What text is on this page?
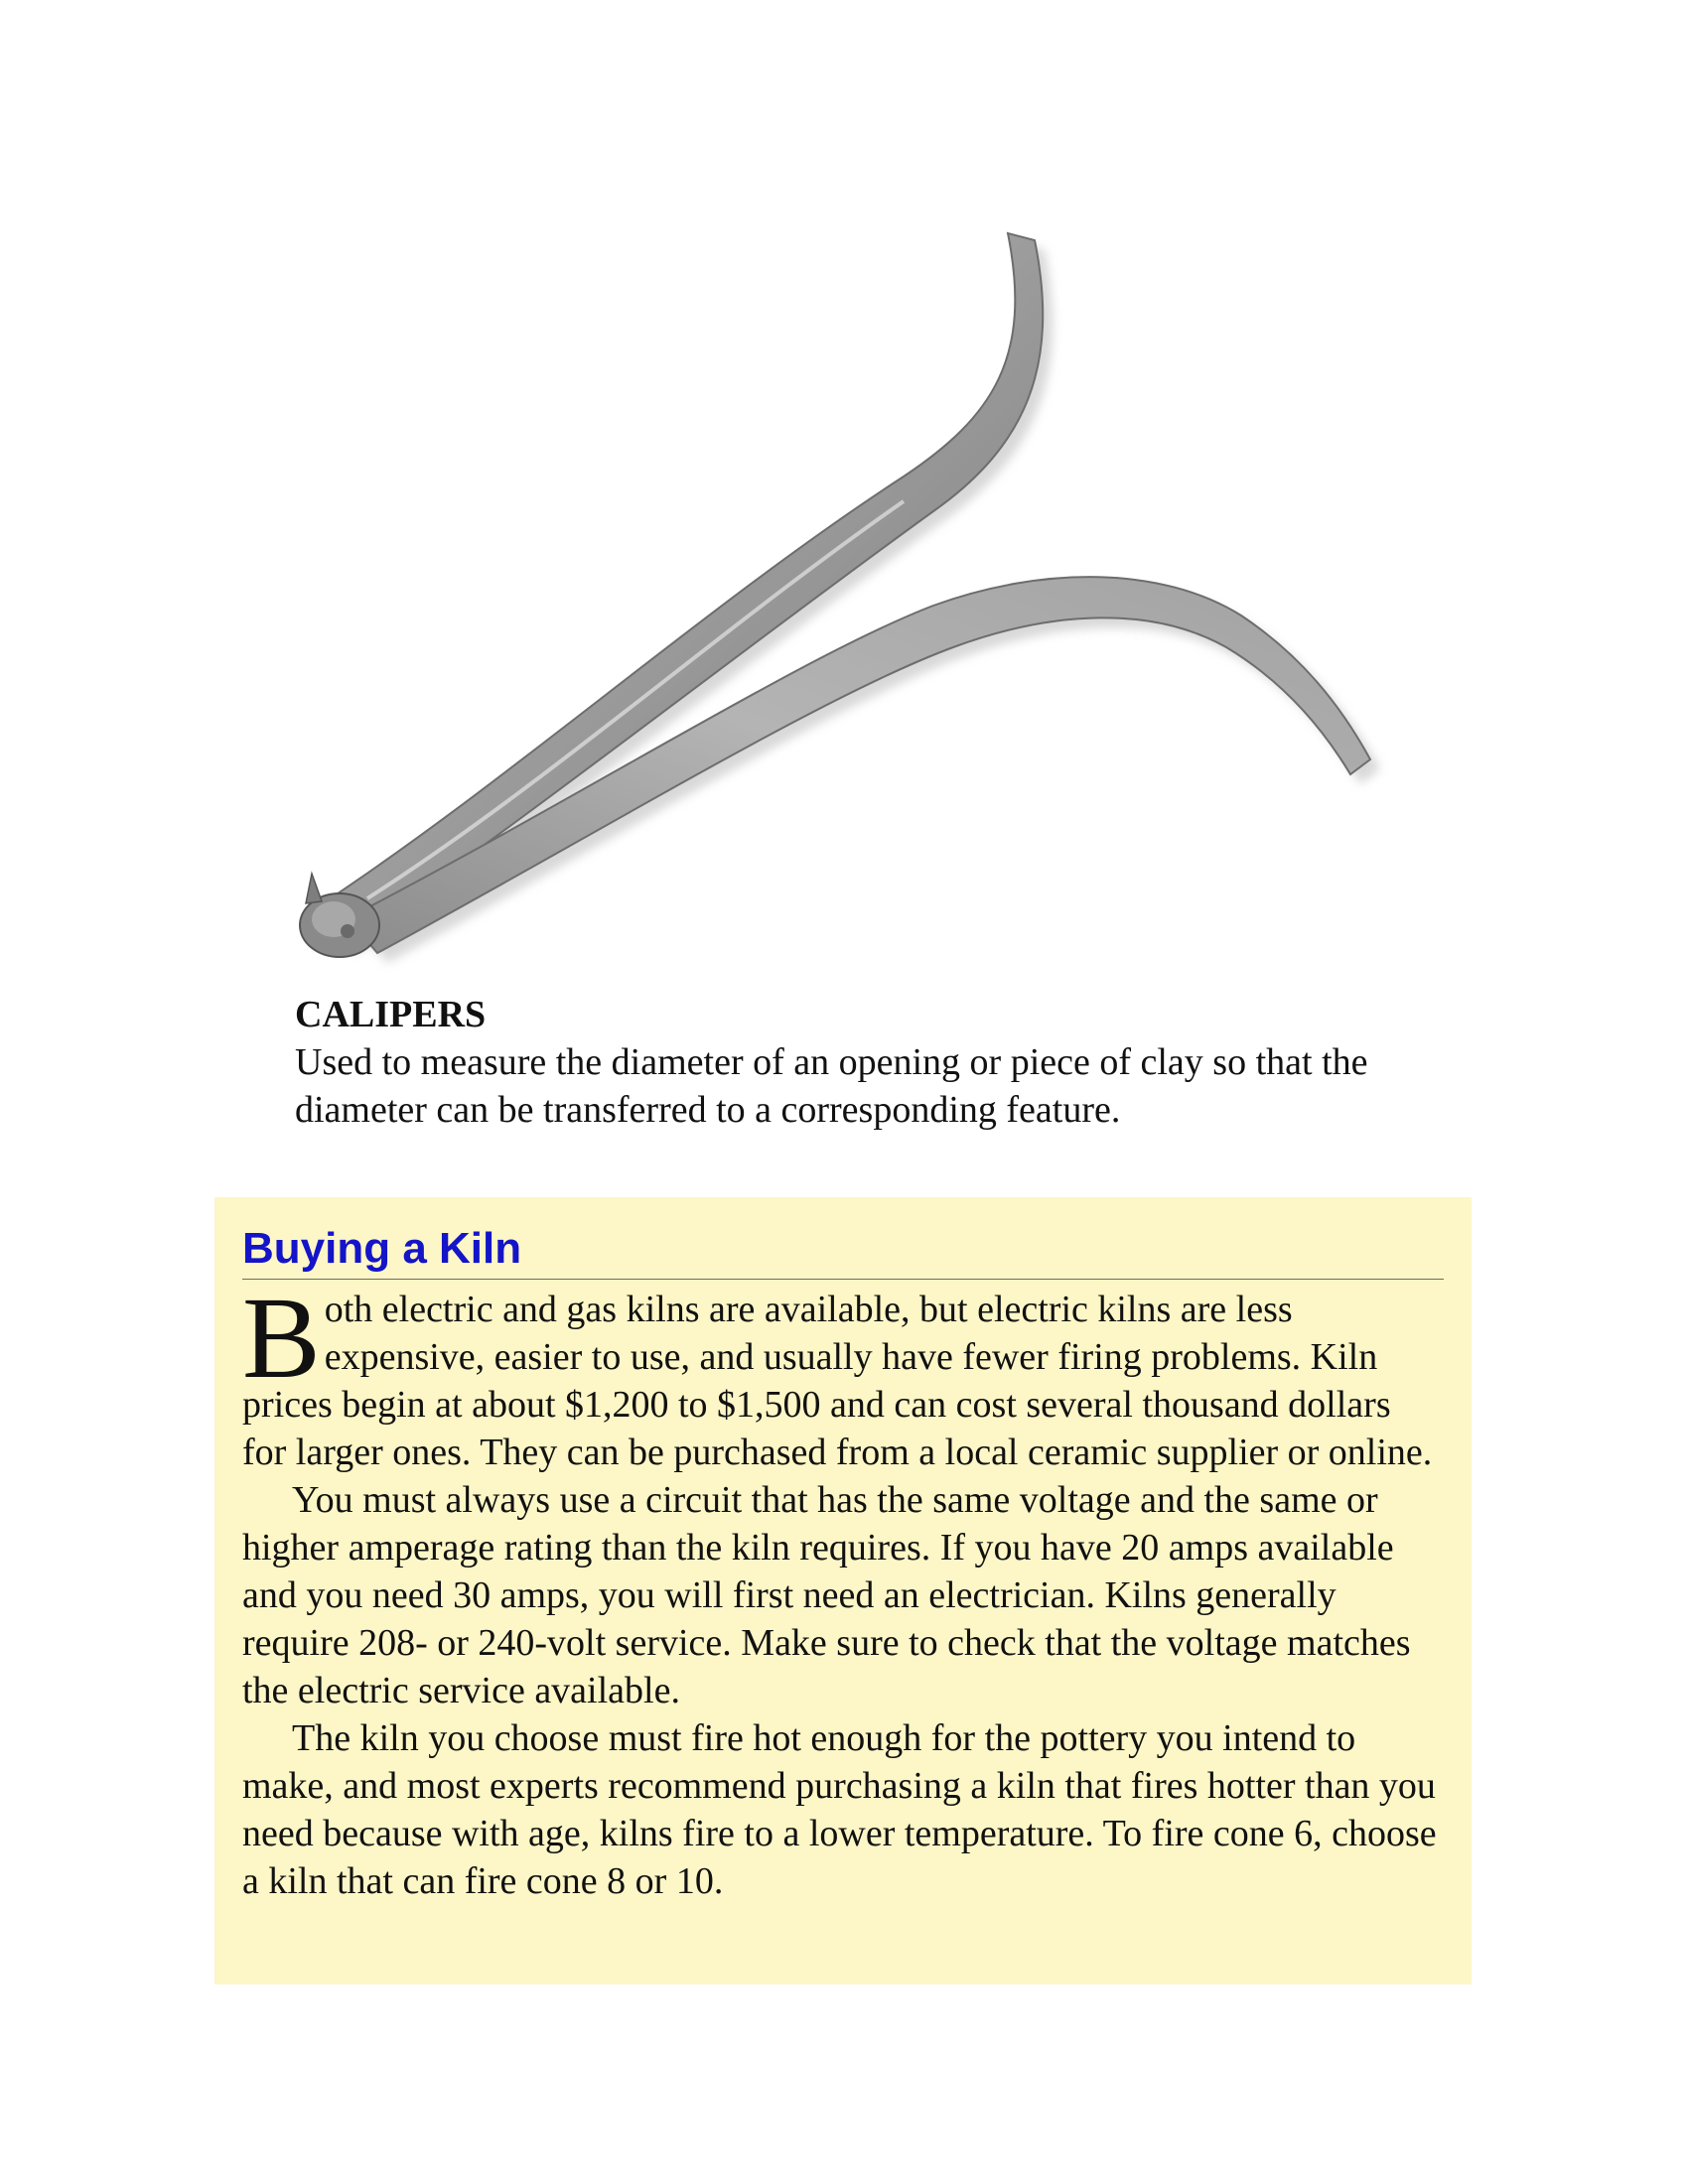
CALIPERS

Used to measure the diameter of an opening or piece of clay so that the diameter can be transferred to a corresponding feature.

Buying a Kiln

Both electric and gas kilns are available, but electric kilns are less expensive, easier to use, and usually have fewer firing problems. Kiln prices begin at about $1,200 to $1,500 and can cost several thousand dollars for larger ones. They can be purchased from a local ceramic supplier or online.

You must always use a circuit that has the same voltage and the same or higher amperage rating than the kiln requires. If you have 20 amps available and you need 30 amps, you will first need an electrician. Kilns generally require 208- or 240-volt service. Make sure to check that the voltage matches the electric service available.

The kiln you choose must fire hot enough for the pottery you intend to make, and most experts recommend purchasing a kiln that fires hotter than you need because with age, kilns fire to a lower temperature. To fire cone 6, choose a kiln that can fire cone 8 or 10.
